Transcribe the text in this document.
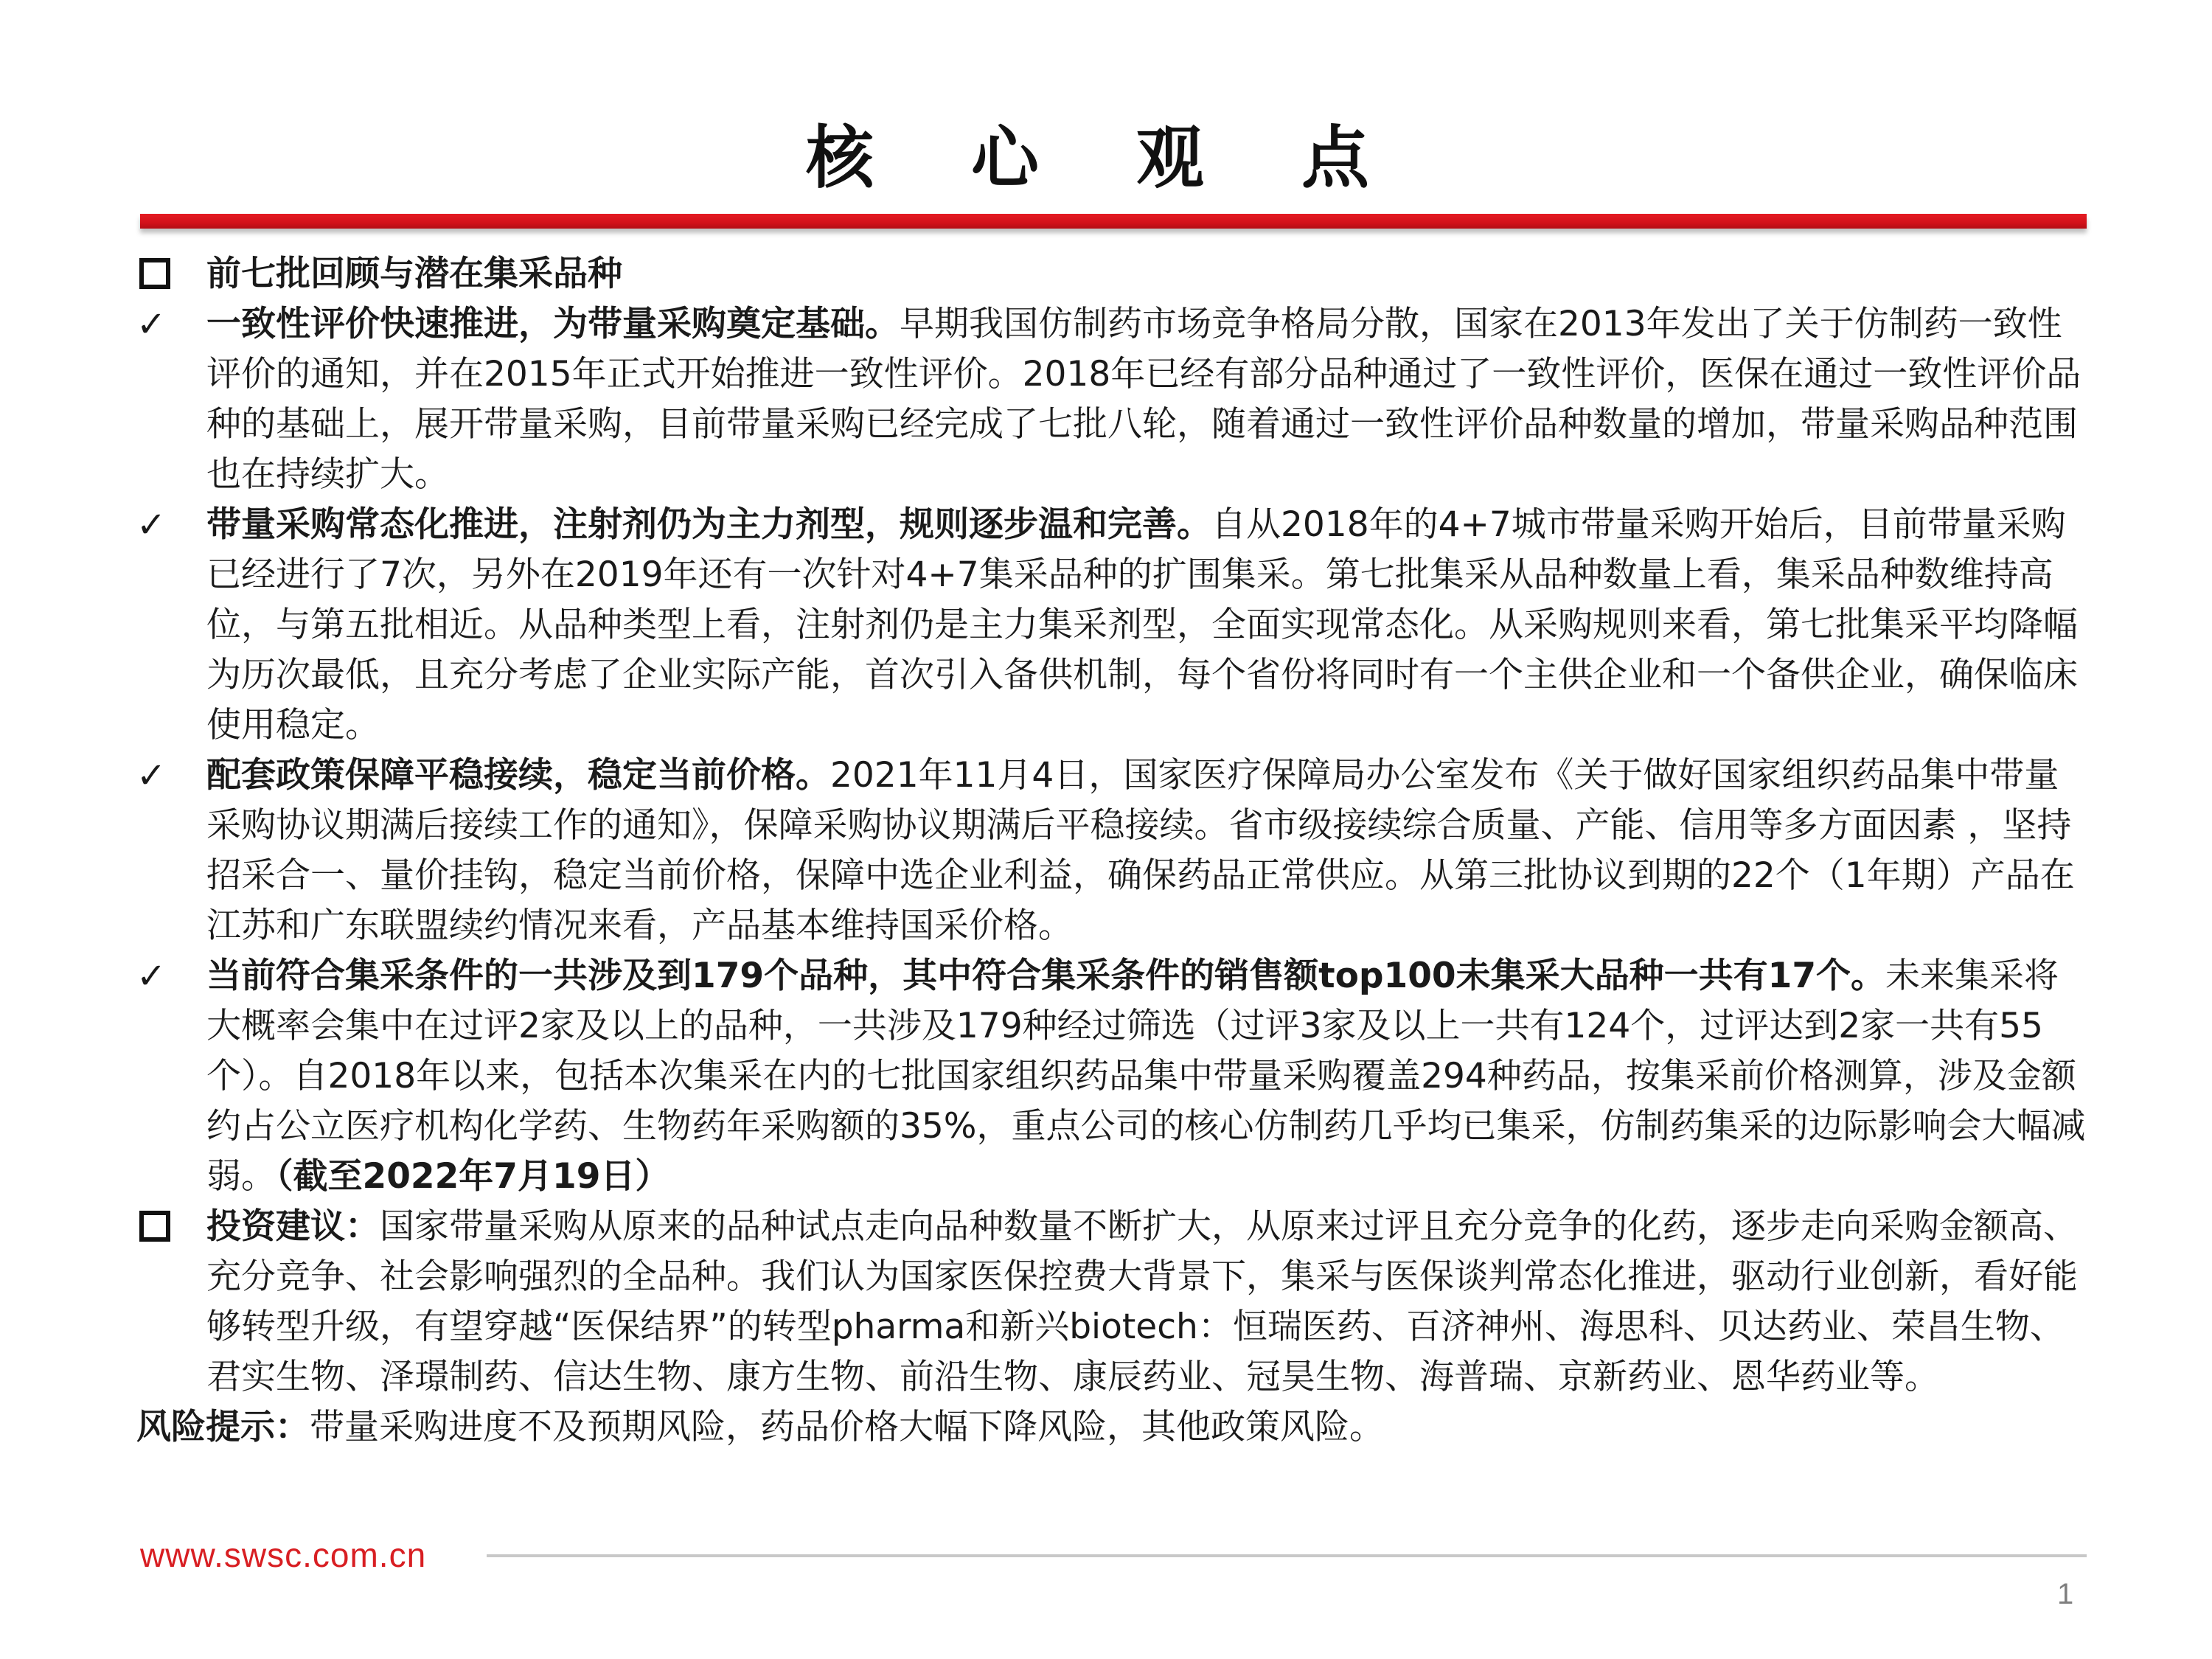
核 心 观 点
前七批回顾与潜在集采品种
✓	一致性评价快速推进，为带量采购奠定基础。早期我国仿制药市场竞争格局分散，国家在2013年发出了关于仿制药一致性评价的通知，并在2015年正式开始推进一致性评价。2018年已经有部分品种通过了一致性评价，医保在通过一致性评价品种的基础上，展开带量采购，目前带量采购已经完成了七批八轮，随着通过一致性评价品种数量的增加，带量采购品种范围也在持续扩大。
✓	带量采购常态化推进，注射剂仍为主力剂型，规则逐步温和完善。自从2018年的4+7城市带量采购开始后，目前带量采购已经进行了7次，另外在2019年还有一次针对4+7集采品种的扩围集采。第七批集采从品种数量上看，集采品种数维持高位，与第五批相近。从品种类型上看，注射剂仍是主力集采剂型，全面实现常态化。从采购规则来看，第七批集采平均降幅为历次最低，且充分考虑了企业实际产能，首次引入备供机制，每个省份将同时有一个主供企业和一个备供企业，确保临床使用稳定。
✓	配套政策保障平稳接续，稳定当前价格。2021年11月4日，国家医疗保障局办公室发布《关于做好国家组织药品集中带量采购协议期满后接续工作的通知》，保障采购协议期满后平稳接续。省市级接续综合质量、产能、信用等多方面因素 ，坚持招采合一、量价挂钩，稳定当前价格，保障中选企业利益，确保药品正常供应。从第三批协议到期的22个（1年期）产品在江苏和广东联盟续约情况来看，产品基本维持国采价格。
✓	当前符合集采条件的一共涉及到179个品种，其中符合集采条件的销售额top100未集采大品种一共有17个。未来集采将大概率会集中在过评2家及以上的品种，一共涉及179种经过筛选（过评3家及以上一共有124个，过评达到2家一共有55个）。自2018年以来，包括本次集采在内的七批国家组织药品集中带量采购覆盖294种药品，按集采前价格测算，涉及金额约占公立医疗机构化学药、生物药年采购额的35%，重点公司的核心仿制药几乎均已集采，仿制药集采的边际影响会大幅减弱。（截至2022年7月19日）
投资建议：国家带量采购从原来的品种试点走向品种数量不断扩大，从原来过评且充分竞争的化药，逐步走向采购金额高、充分竞争、社会影响强烈的全品种。我们认为国家医保控费大背景下，集采与医保谈判常态化推进，驱动行业创新，看好能够转型升级，有望穿越“医保结界”的转型pharma和新兴biotech：恒瑞医药、百济神州、海思科、贝达药业、荣昌生物、君实生物、泽璟制药、信达生物、康方生物、前沿生物、康辰药业、冠昊生物、海普瑞、京新药业、恩华药业等。
风险提示：带量采购进度不及预期风险，药品价格大幅下降风险，其他政策风险。
www.swsc.com.cn
1
